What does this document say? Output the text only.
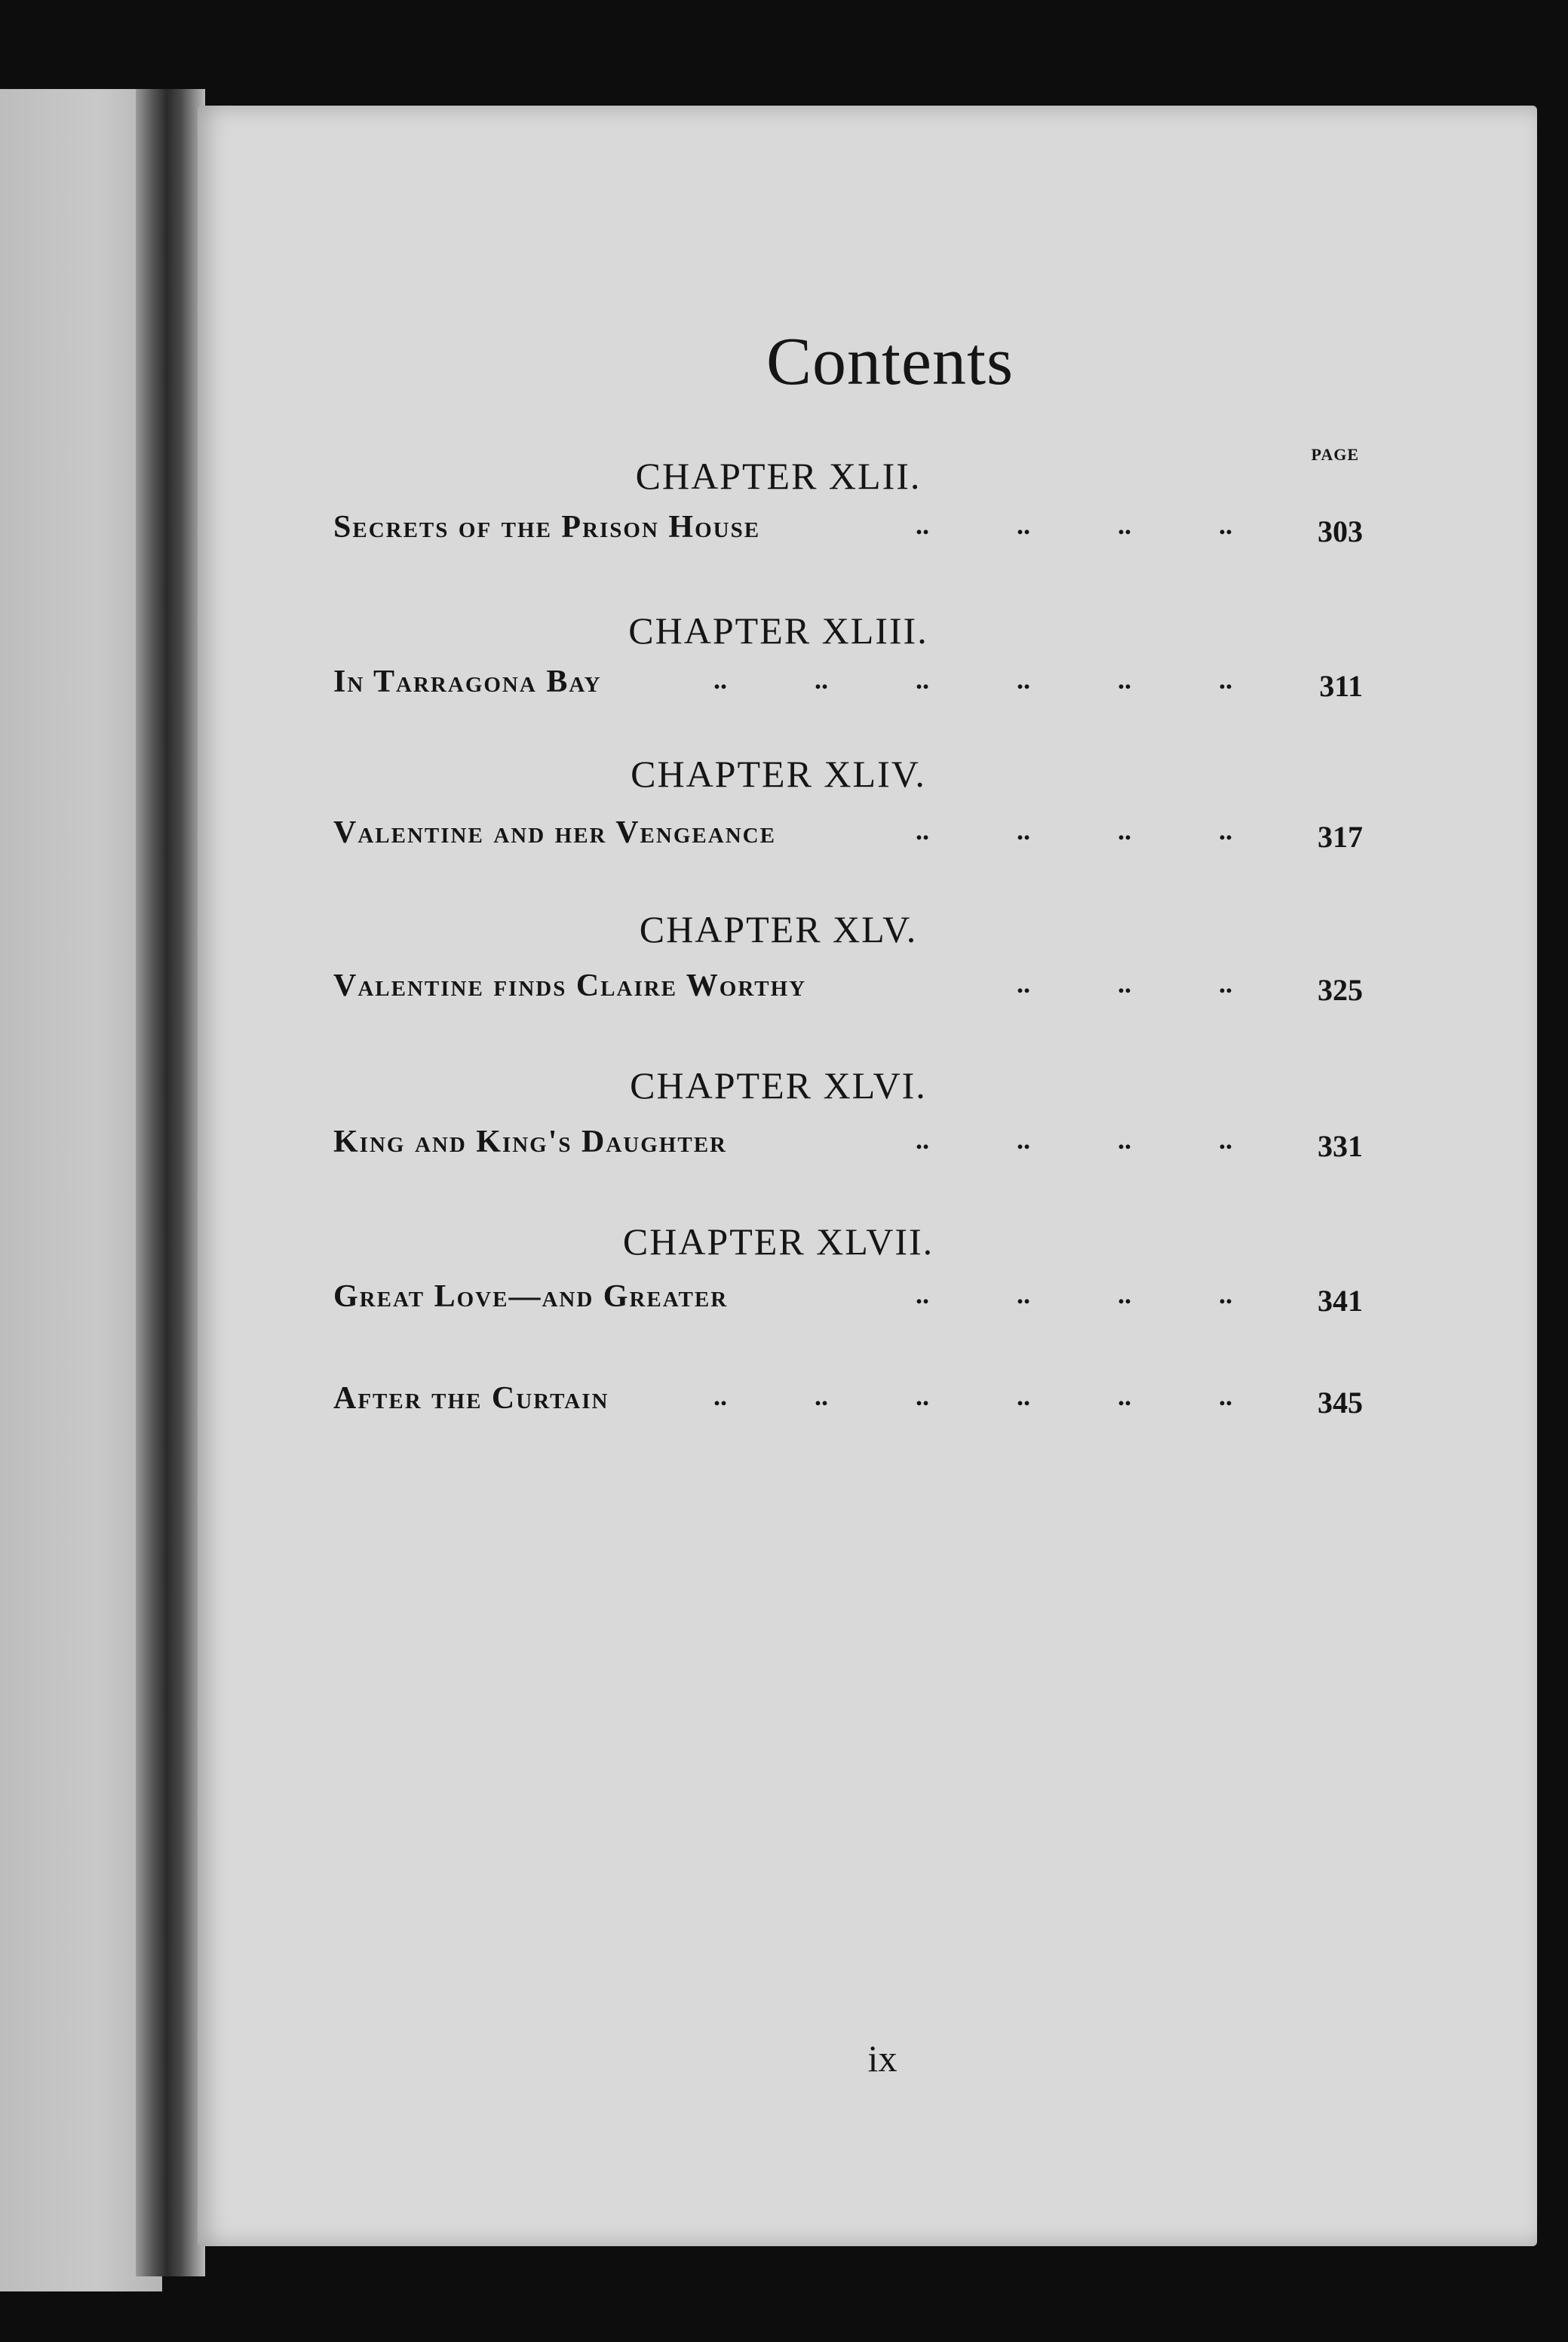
Contents
PAGE
CHAPTER XLII.
Secrets of the Prison House	..	..	..	..	303
CHAPTER XLIII.
In Tarragona Bay	..	..	..	..	..	..	311
CHAPTER XLIV.
Valentine and her Vengeance	..	..	..	..	317
CHAPTER XLV.
Valentine finds Claire Worthy	..	..	..	325
CHAPTER XLVI.
King and King's Daughter	..	..	..	..	331
CHAPTER XLVII.
Great Love—and Greater	..	..	..	..	341
After the Curtain	..	..	..	..	..	..	345
ix
